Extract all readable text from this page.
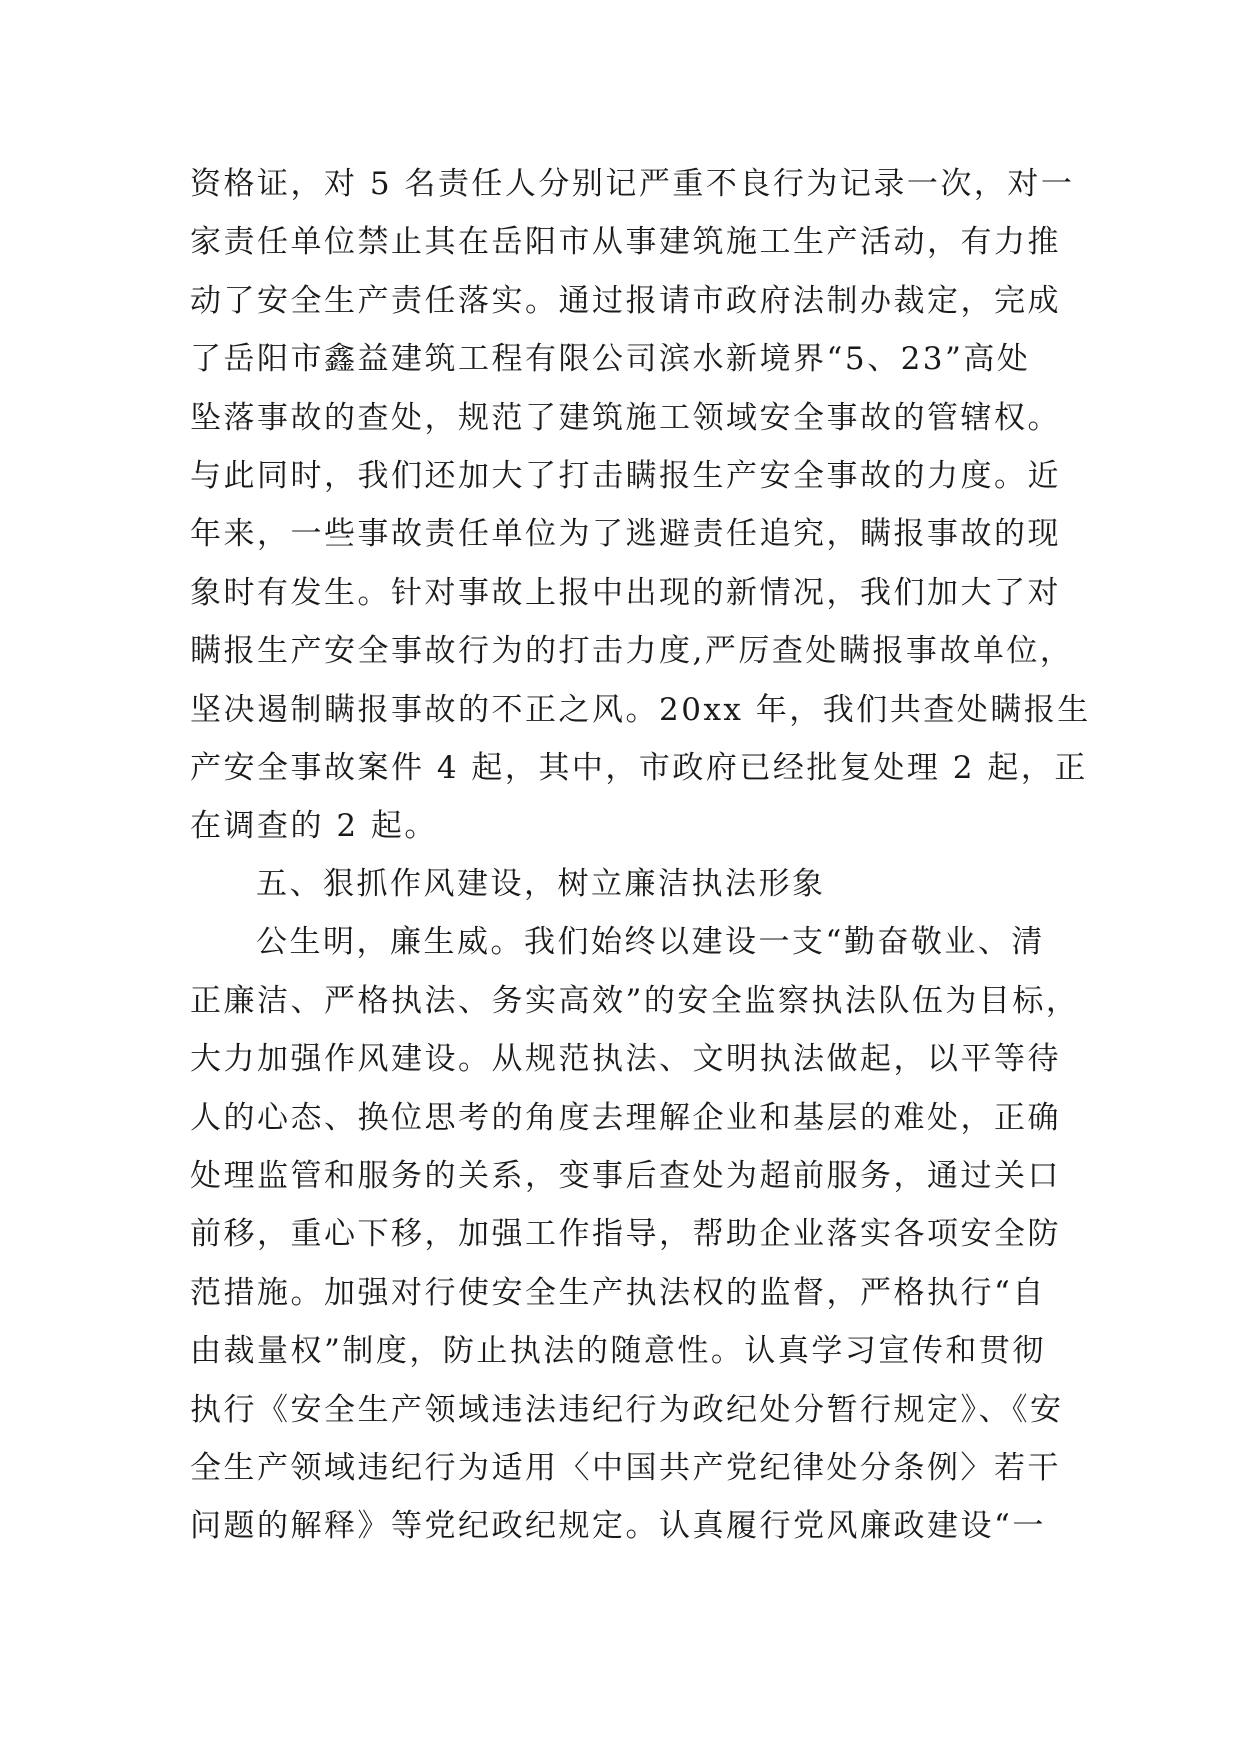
资格证，对 5 名责任人分别记严重不良行为记录一次，对一
家责任单位禁止其在岳阳市从事建筑施工生产活动，有力推
动了安全生产责任落实。通过报请市政府法制办裁定，完成
了岳阳市鑫益建筑工程有限公司滨水新境界“5、23”高处
坠落事故的查处，规范了建筑施工领域安全事故的管辖权。
与此同时，我们还加大了打击瞒报生产安全事故的力度。近
年来，一些事故责任单位为了逃避责任追究，瞒报事故的现
象时有发生。针对事故上报中出现的新情况，我们加大了对
瞒报生产安全事故行为的打击力度,严厉查处瞒报事故单位，
坚决遏制瞒报事故的不正之风。20xx 年，我们共查处瞒报生
产安全事故案件 4 起，其中，市政府已经批复处理 2 起，正
在调查的 2 起。
五、狠抓作风建设，树立廉洁执法形象
公生明，廉生威。我们始终以建设一支“勤奋敬业、清
正廉洁、严格执法、务实高效”的安全监察执法队伍为目标，
大力加强作风建设。从规范执法、文明执法做起，以平等待
人的心态、换位思考的角度去理解企业和基层的难处，正确
处理监管和服务的关系，变事后查处为超前服务，通过关口
前移，重心下移，加强工作指导，帮助企业落实各项安全防
范措施。加强对行使安全生产执法权的监督，严格执行“自
由裁量权”制度，防止执法的随意性。认真学习宣传和贯彻
执行《安全生产领域违法违纪行为政纪处分暂行规定》、《安
全生产领域违纪行为适用〈中国共产党纪律处分条例〉若干
问题的解释》等党纪政纪规定。认真履行党风廉政建设“一
